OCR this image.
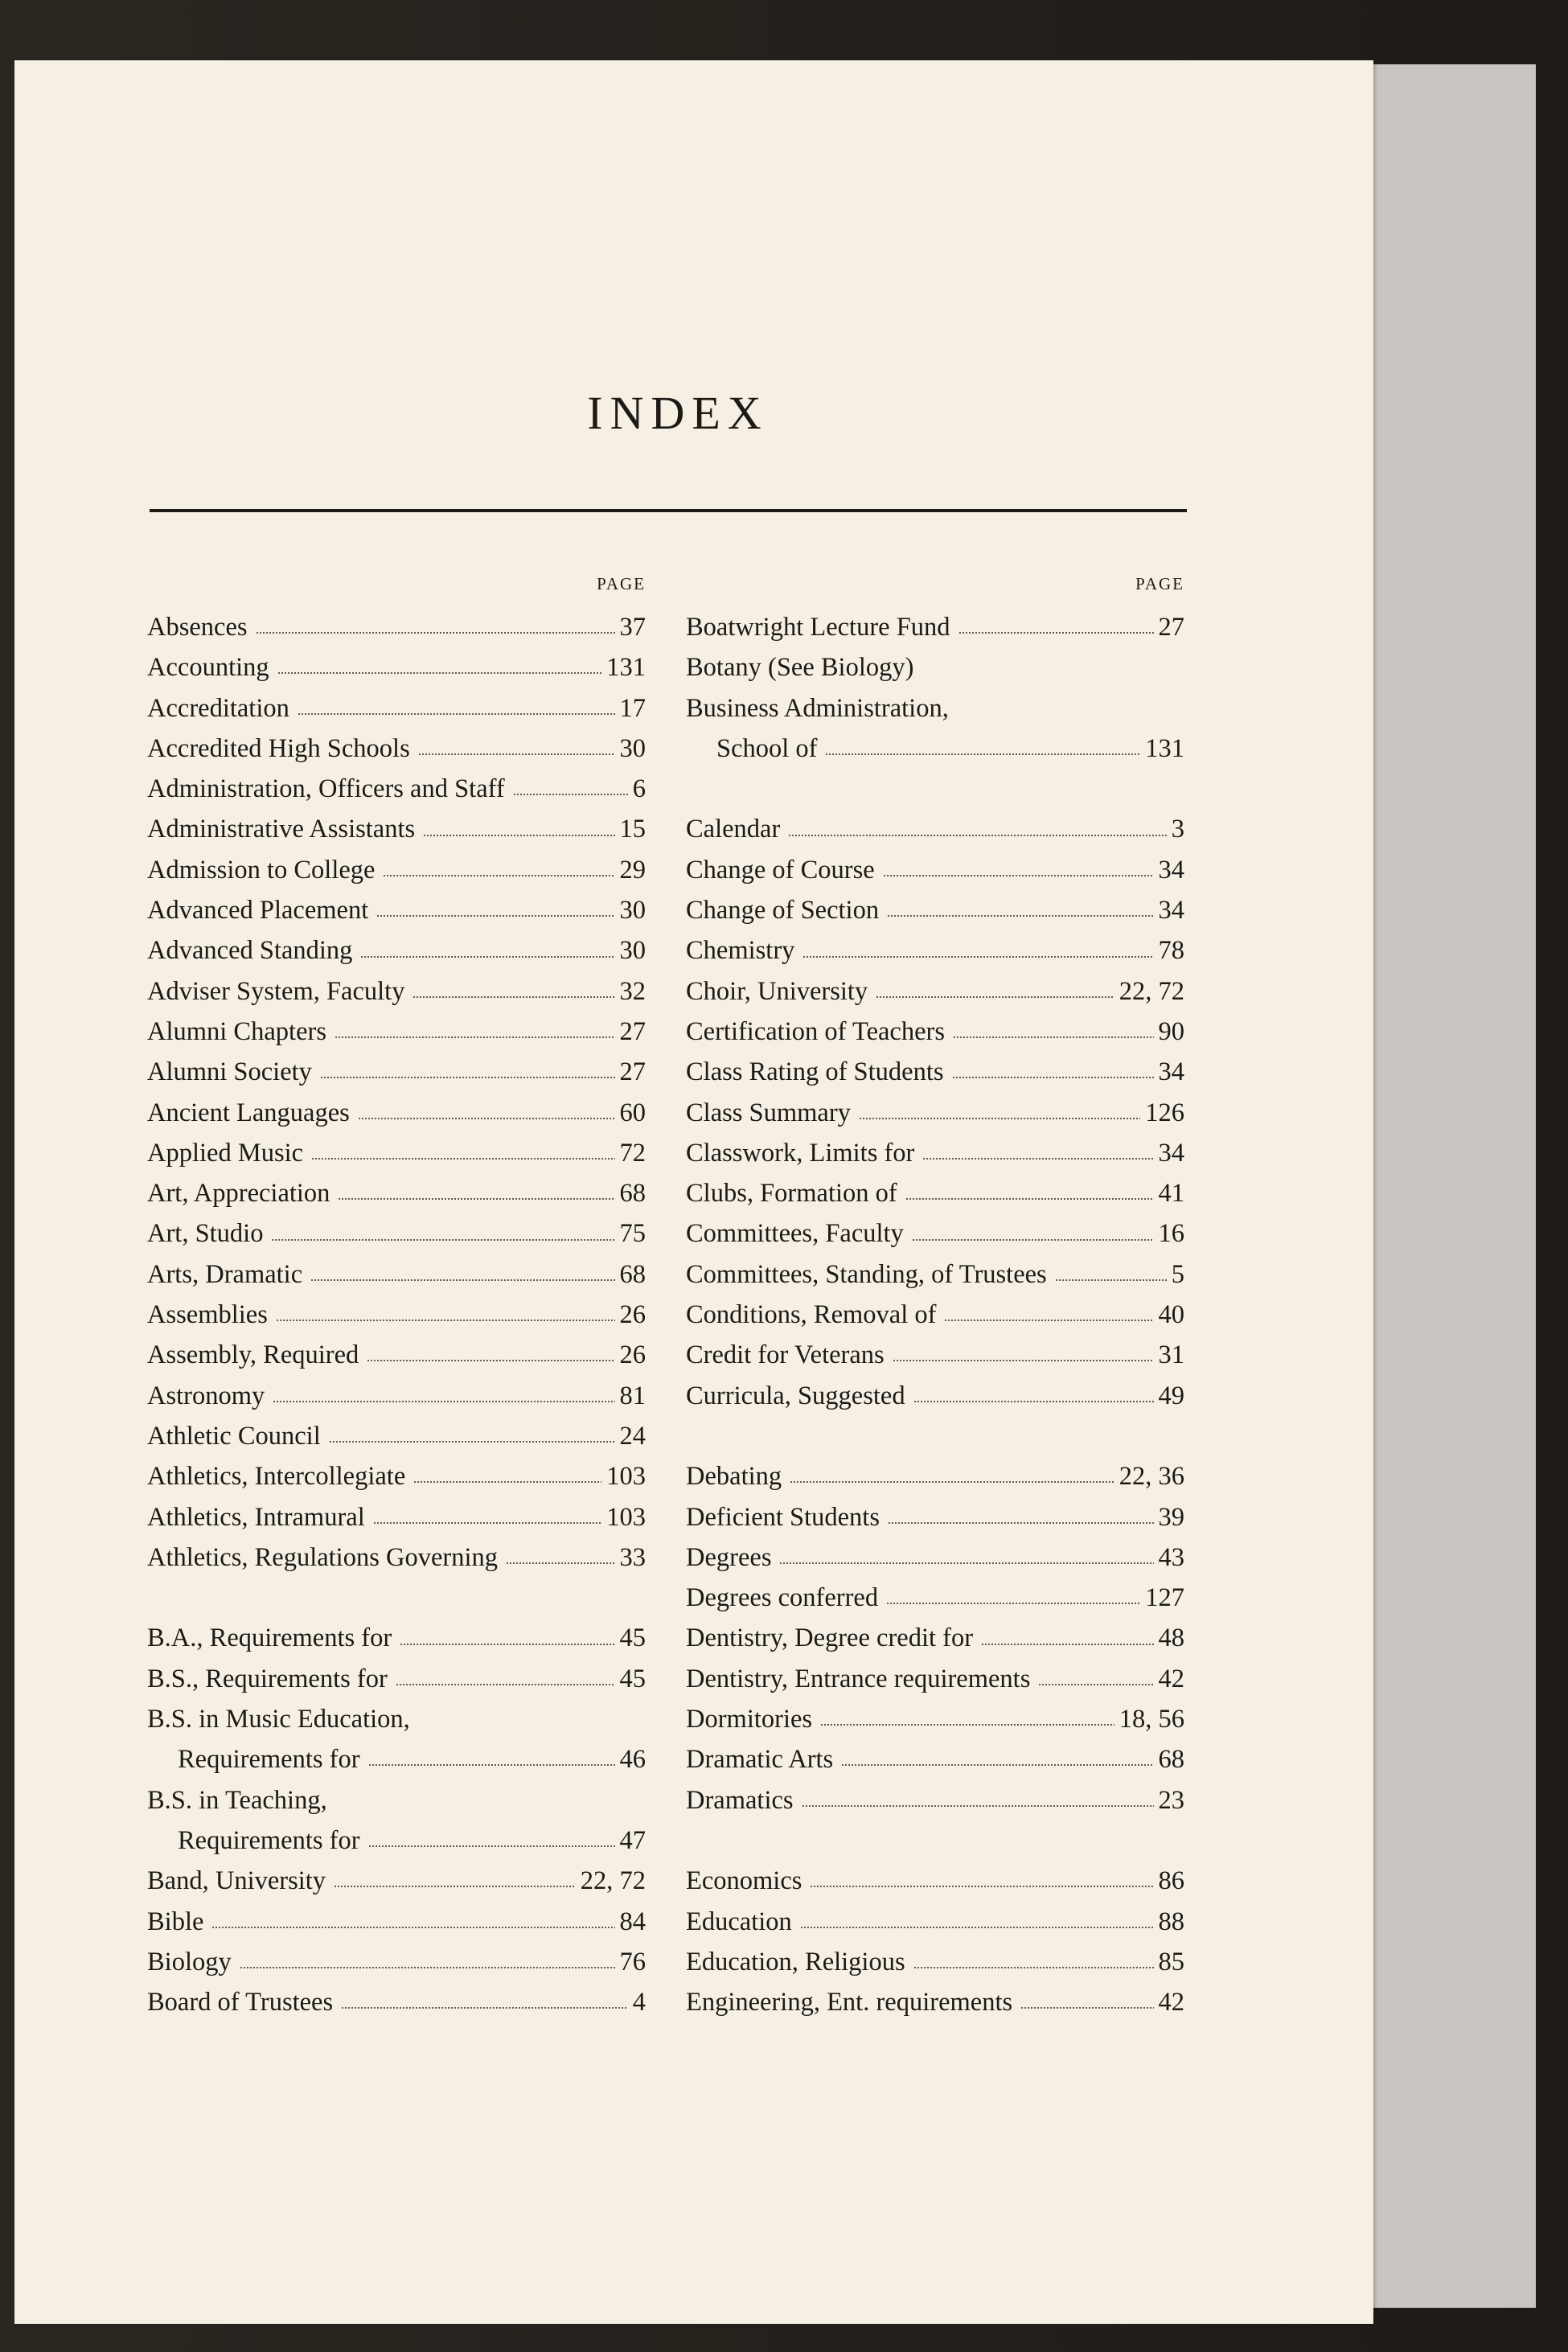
INDEX
PAGE
Absences	37
Accounting	131
Accreditation	17
Accredited High Schools	30
Administration, Officers and Staff	6
Administrative Assistants	15
Admission to College	29
Advanced Placement	30
Advanced Standing	30
Adviser System, Faculty	32
Alumni Chapters	27
Alumni Society	27
Ancient Languages	60
Applied Music	72
Art, Appreciation	68
Art, Studio	75
Arts, Dramatic	68
Assemblies	26
Assembly, Required	26
Astronomy	81
Athletic Council	24
Athletics, Intercollegiate	103
Athletics, Intramural	103
Athletics, Regulations Governing	33
B.A., Requirements for	45
B.S., Requirements for	45
B.S. in Music Education,
Requirements for	46
B.S. in Teaching,
Requirements for	47
Band, University	22, 72
Bible	84
Biology	76
Board of Trustees	4
PAGE
Boatwright Lecture Fund	27
Botany (See Biology)
Business Administration,
School of	131
Calendar	3
Change of Course	34
Change of Section	34
Chemistry	78
Choir, University	22, 72
Certification of Teachers	90
Class Rating of Students	34
Class Summary	126
Classwork, Limits for	34
Clubs, Formation of	41
Committees, Faculty	16
Committees, Standing, of Trustees	5
Conditions, Removal of	40
Credit for Veterans	31
Curricula, Suggested	49
Debating	22, 36
Deficient Students	39
Degrees	43
Degrees conferred	127
Dentistry, Degree credit for	48
Dentistry, Entrance requirements	42
Dormitories	18, 56
Dramatic Arts	68
Dramatics	23
Economics	86
Education	88
Education, Religious	85
Engineering, Ent. requirements	42
